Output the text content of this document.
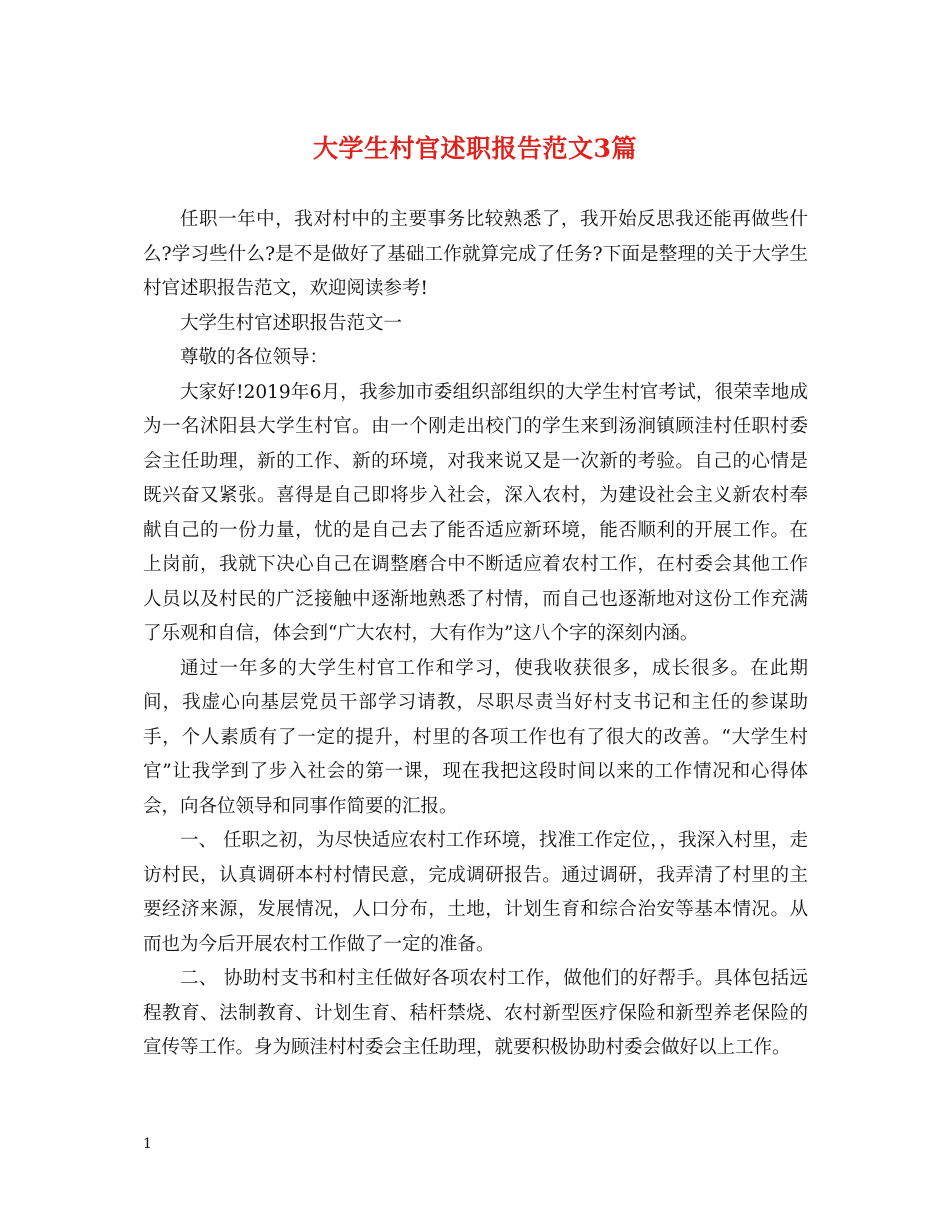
大学生村官述职报告范文3篇

任职一年中，我对村中的主要事务比较熟悉了，我开始反思我还能再做些什么?学习些什么?是不是做好了基础工作就算完成了任务?下面是整理的关于大学生村官述职报告范文，欢迎阅读参考!

大学生村官述职报告范文一

尊敬的各位领导：

大家好!2019年6月，我参加市委组织部组织的大学生村官考试，很荣幸地成为一名沭阳县大学生村官。由一个刚走出校门的学生来到汤涧镇顾洼村任职村委会主任助理，新的工作、新的环境，对我来说又是一次新的考验。自己的心情是既兴奋又紧张。喜得是自己即将步入社会，深入农村，为建设社会主义新农村奉献自己的一份力量，忧的是自己去了能否适应新环境，能否顺利的开展工作。在上岗前，我就下决心自己在调整磨合中不断适应着农村工作，在村委会其他工作人员以及村民的广泛接触中逐渐地熟悉了村情，而自己也逐渐地对这份工作充满了乐观和自信，体会到“广大农村，大有作为”这八个字的深刻内涵。

通过一年多的大学生村官工作和学习，使我收获很多，成长很多。在此期间，我虚心向基层党员干部学习请教，尽职尽责当好村支书记和主任的参谋助手，个人素质有了一定的提升，村里的各项工作也有了很大的改善。“大学生村官”让我学到了步入社会的第一课，现在我把这段时间以来的工作情况和心得体会，向各位领导和同事作简要的汇报。

一、 任职之初，为尽快适应农村工作环境，找准工作定位，，我深入村里，走访村民，认真调研本村村情民意，完成调研报告。通过调研，我弄清了村里的主要经济来源，发展情况，人口分布，土地，计划生育和综合治安等基本情况。从而也为今后开展农村工作做了一定的准备。

二、 协助村支书和村主任做好各项农村工作，做他们的好帮手。具体包括远程教育、法制教育、计划生育、秸杆禁烧、农村新型医疗保险和新型养老保险的宣传等工作。身为顾洼村村委会主任助理，就要积极协助村委会做好以上工作。

1
